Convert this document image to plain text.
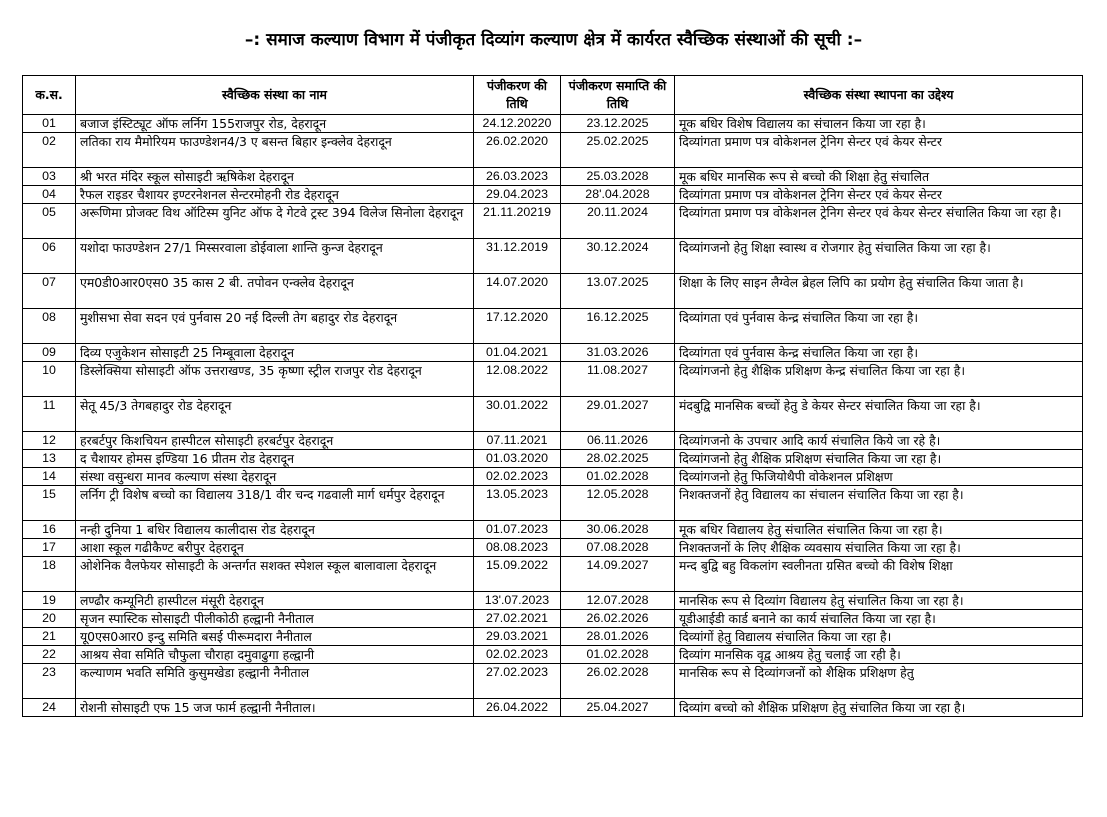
–: समाज कल्याण विभाग में पंजीकृत दिव्यांग कल्याण क्षेत्र में कार्यरत स्वैच्छिक संस्थाओं की सूची :–
क.स.	स्वैच्छिक संस्था का नाम	पंजीकरण की तिथि	पंजीकरण समाप्ति की तिथि	स्वैच्छिक संस्था स्थापना का उद्देश्य
01	बजाज इंस्टिट्यूट ऑफ लर्निग 155राजपुर रोड, देहरादून	24.12.20220	23.12.2025	मूक बधिर विशेष विद्यालय का संचालन किया जा रहा है।
02	लतिका राय मैमोरियम फाउण्डेशन4/3 ए बसन्त बिहार इन्क्लेव देहरादून	26.02.2020	25.02.2025	दिव्यांगता प्रमाण पत्र वोकेशनल ट्रेनिग सेन्टर एवं केयर सेन्टर
03	श्री भरत मंदिर स्कूल सोसाइटी ऋषिकेश देहरादून	26.03.2023	25.03.2028	मूक बधिर मानसिक रूप से बच्चो की शिक्षा हेतु संचालित
04	रैफल राइडर चैशायर इण्टरनेशनल सेन्टरमोहनी रोड देहरादून	29.04.2023	28'.04.2028	दिव्यांगता प्रमाण पत्र वोकेशनल ट्रेनिग सेन्टर एवं केयर सेन्टर
05	अरूणिमा प्रोजक्ट विथ ऑटिस्म युनिट ऑफ दे गेटवे ट्रस्ट 394 विलेज सिनोला देहरादून	21.11.20219	20.11.2024	दिव्यांगता प्रमाण पत्र वोकेशनल ट्रेनिग सेन्टर एवं केयर सेन्टर संचालित किया जा रहा है।
06	यशोदा फाउण्डेशन 27/1 मिस्सरवाला डोईवाला शान्ति कुन्ज देहरादून	31.12.2019	30.12.2024	दिव्यांगजनो हेतु शिक्षा स्वास्थ व रोजगार हेतु संचालित किया जा रहा है।
07	एम0डी0आर0एस0 35 कास 2 बी. तपोवन एन्क्लेव देहरादून	14.07.2020	13.07.2025	शिक्षा के लिए साइन लैग्वेल ब्रेहल लिपि का प्रयोग हेतु संचालित किया जाता है।
08	मुशीसभा सेवा सदन एवं पुर्नवास 20 नई दिल्ली तेग बहादुर रोड देहरादून	17.12.2020	16.12.2025	दिव्यांगता एवं पुर्नवास केन्द्र संचालित किया जा रहा है।
09	दिव्य एजुकेशन सोसाइटी 25 निम्बूवाला देहरादून	01.04.2021	31.03.2026	दिव्यांगता एवं पुर्नवास केन्द्र संचालित किया जा रहा है।
10	डिस्लेक्सिया सोसाइटी ऑफ उत्तराखण्ड, 35 कृष्णा स्ट्रील राजपुर रोड देहरादून	12.08.2022	11.08.2027	दिव्यांगजनो हेतु शैक्षिक प्रशिक्षण केन्द्र संचालित किया जा रहा है।
11	सेतू 45/3 तेगबहादुर रोड देहरादून	30.01.2022	29.01.2027	मंदबुद्वि मानसिक बच्चों हेतु डे केयर सेन्टर संचालित किया जा रहा है।
12	हरबर्टपुर किशचियन हास्पीटल सोसाइटी हरबर्टपुर देहरादून	07.11.2021	06.11.2026	दिव्यांगजनो के उपचार आदि कार्य संचालित किये जा रहे है।
13	द चैशायर होमस इण्डिया 16 प्रीतम रोड देहरादून	01.03.2020	28.02.2025	दिव्यांगजनो हेतु शैक्षिक प्रशिक्षण संचालित किया जा रहा है।
14	संस्था वसुन्धरा मानव कल्याण संस्था देहरादून	02.02.2023	01.02.2028	दिव्यांगजनो हेतु फिजियोथैपी वोकेशनल प्रशिक्षण
15	लर्निग ट्री विशेष बच्चो का विद्यालय 318/1 वीर चन्द गढवाली मार्ग धर्मपुर देहरादून	13.05.2023	12.05.2028	निशक्तजनों हेतु विद्यालय का संचालन संचालित किया जा रहा है।
16	नन्ही दुनिया 1 बधिर विद्यालय कालीदास रोड देहरादून	01.07.2023	30.06.2028	मूक बधिर विद्यालय हेतु संचालित संचालित किया जा रहा है।
17	आशा स्कूल गढीकैण्ट बरीपुर देहरादून	08.08.2023	07.08.2028	निशक्तजनों के लिए शैक्षिक व्यवसाय संचालित किया जा रहा है।
18	ओशेनिक वैलफेयर सोसाइटी के अन्तर्गत सशक्त स्पेशल स्कूल बालावाला देहरादून	15.09.2022	14.09.2027	मन्द बुद्वि बहु विकलांग स्वलीनता ग्रसित बच्चो की विशेष शिक्षा
19	लण्ढौर कम्यूनिटी हास्पीटल मंसूरी देहरादून	13'.07.2023	12.07.2028	मानसिक रूप से दिव्यांग विद्यालय हेतु संचालित किया जा रहा है।
20	सृजन स्पास्टिक सोसाइटी पीलीकोठी हल्द्वानी नैनीताल	27.02.2021	26.02.2026	यूडीआईडी कार्ड बनाने का कार्य संचालित किया जा रहा है।
21	यू0एस0आर0 इन्दु समिति बसई पीरूमदारा नैनीताल	29.03.2021	28.01.2026	दिव्यांगों हेतु विद्यालय संचालित किया जा रहा है।
22	आश्रय सेवा समिति चौफुला चौराहा दमुवाढुगा हल्द्वानी	02.02.2023	01.02.2028	दिव्यांग मानसिक वृद्व आश्रय हेतु चलाई जा रही है।
23	कल्याणम भवति समिति कुसुमखेडा हल्द्वानी नैनीताल	27.02.2023	26.02.2028	मानसिक रूप से दिव्यांगजनों को शैक्षिक प्रशिक्षण हेतु
24	रोशनी सोसाइटी एफ 15 जज फार्म हल्द्वानी नैनीताल।	26.04.2022	25.04.2027	दिव्यांग बच्चो को शैक्षिक प्रशिक्षण हेतु संचालित किया जा रहा है।
